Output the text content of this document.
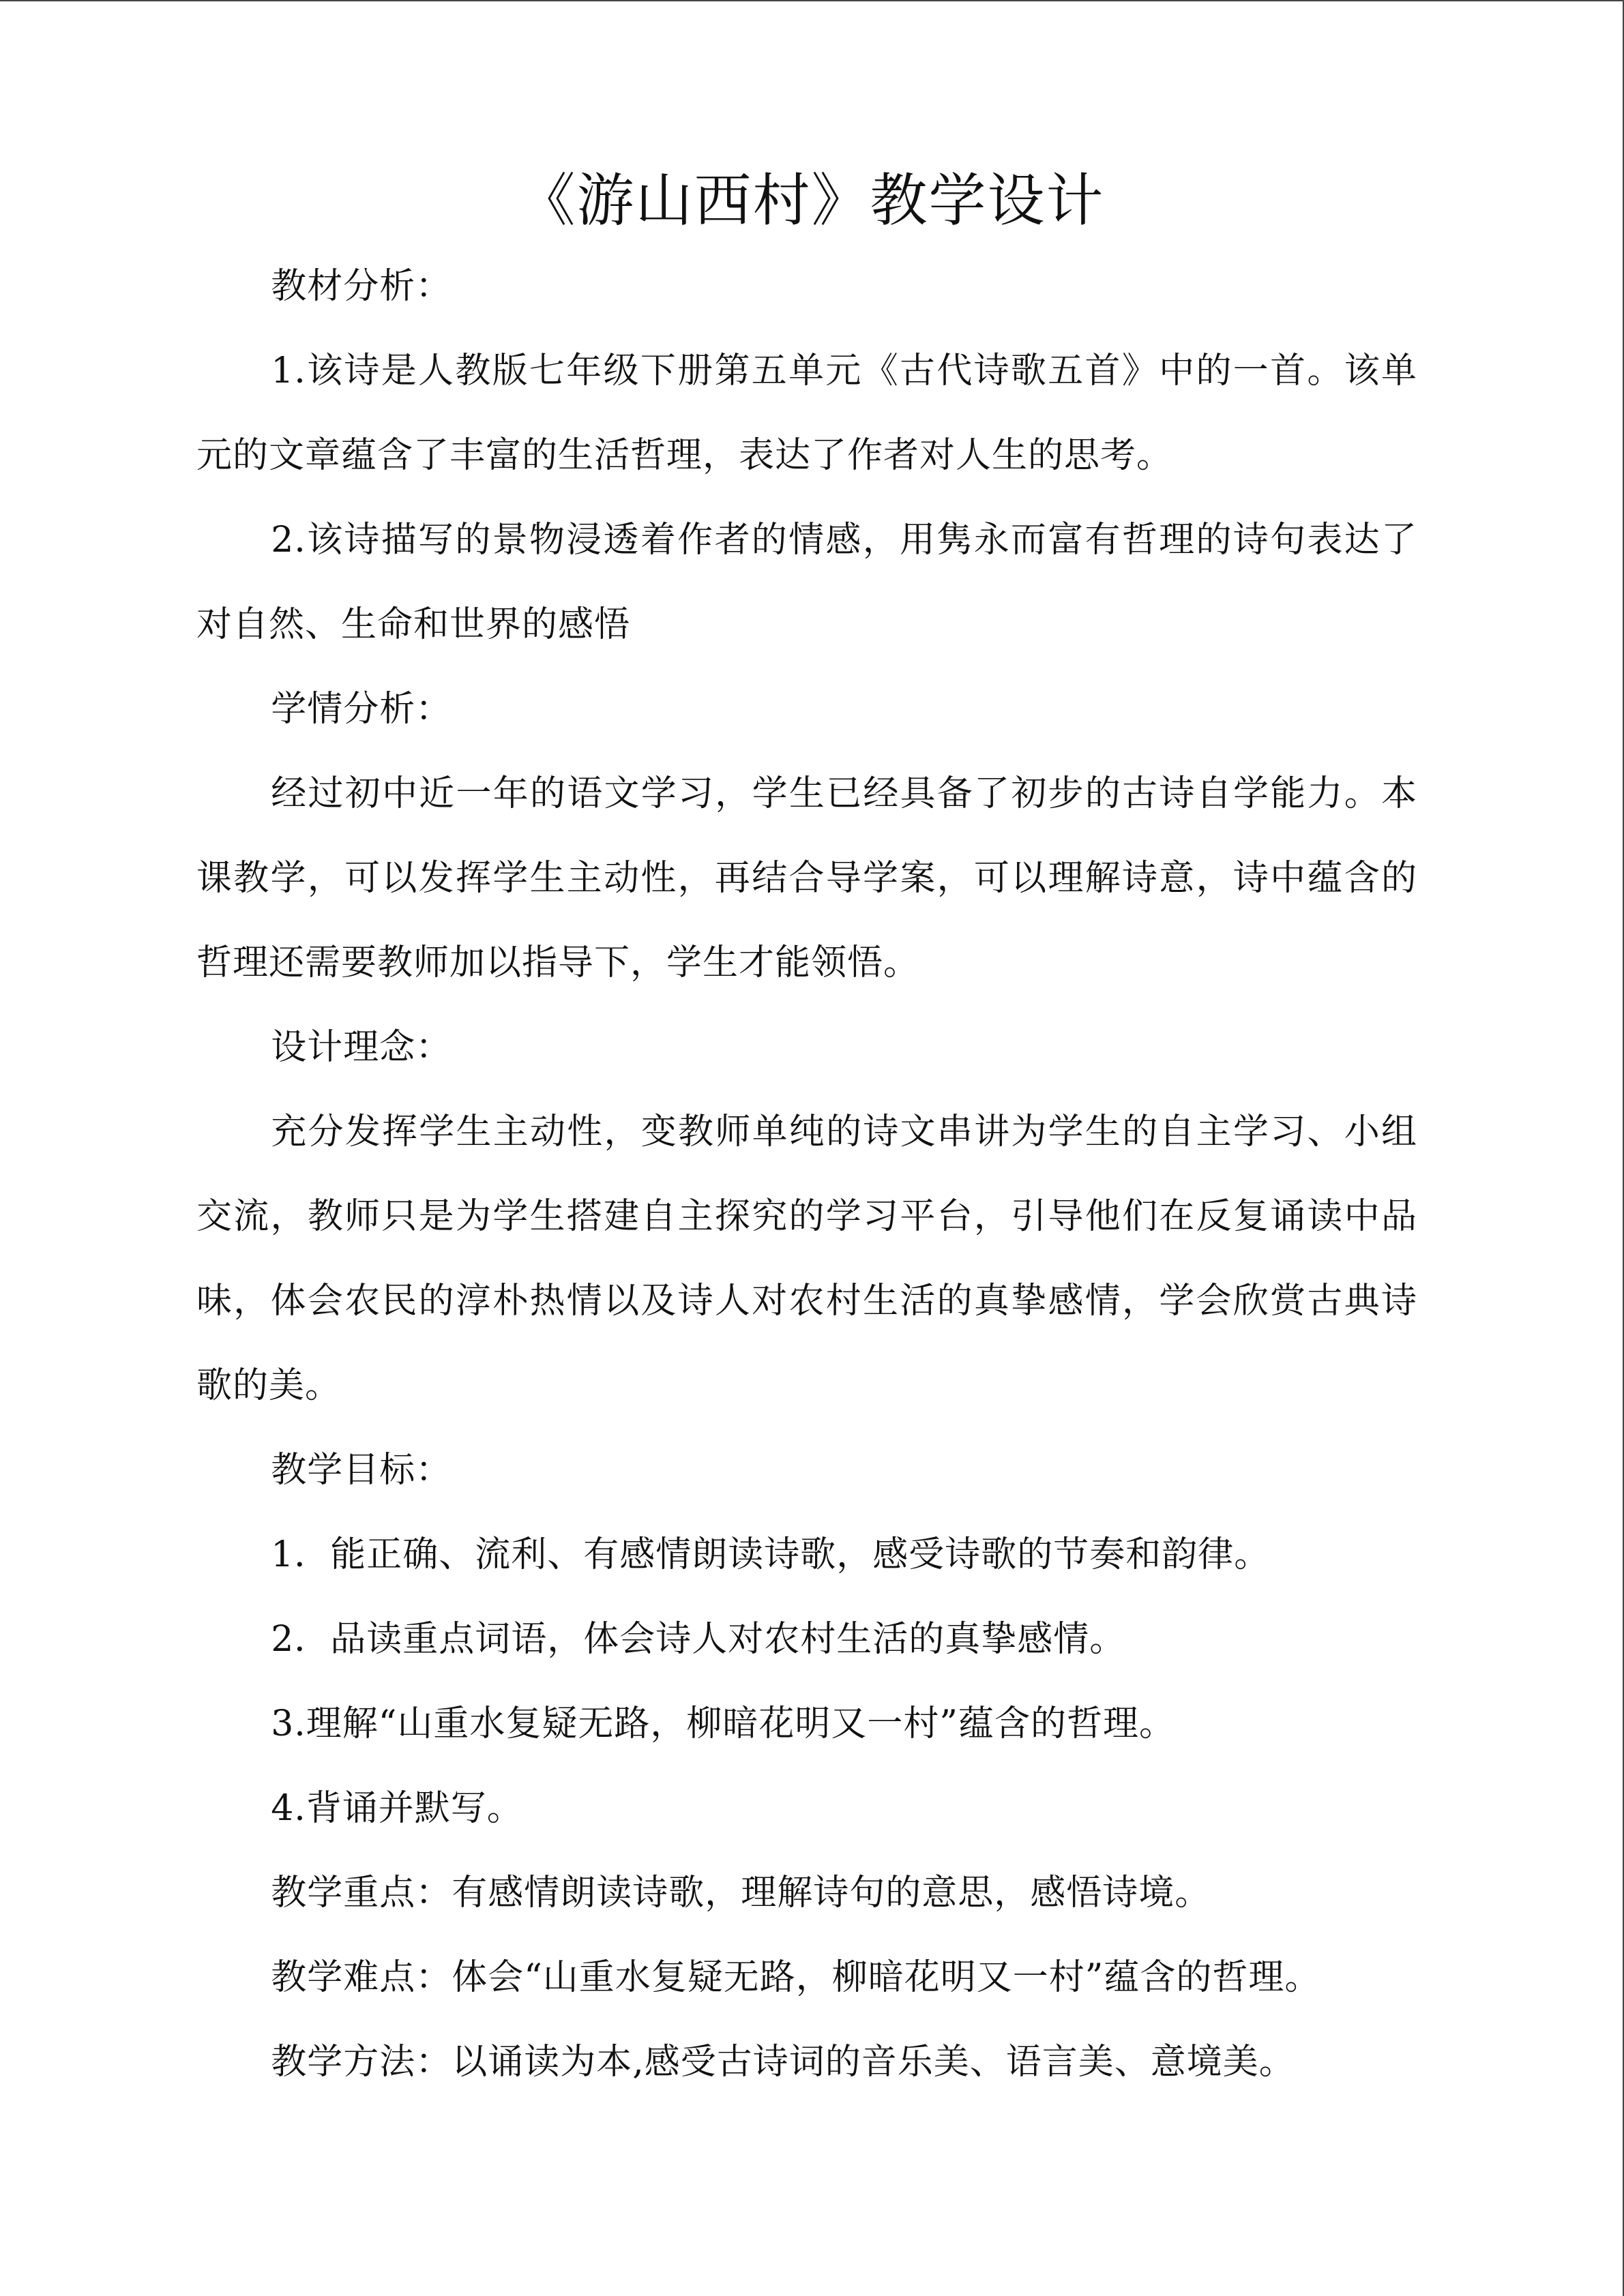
《游山西村》教学设计

教材分析：

1.该诗是人教版七年级下册第五单元《古代诗歌五首》中的一首。该单元的文章蕴含了丰富的生活哲理，表达了作者对人生的思考。

2.该诗描写的景物浸透着作者的情感，用隽永而富有哲理的诗句表达了对自然、生命和世界的感悟

学情分析：

经过初中近一年的语文学习，学生已经具备了初步的古诗自学能力。本课教学，可以发挥学生主动性，再结合导学案，可以理解诗意，诗中蕴含的哲理还需要教师加以指导下，学生才能领悟。

设计理念：

充分发挥学生主动性，变教师单纯的诗文串讲为学生的自主学习、小组交流，教师只是为学生搭建自主探究的学习平台，引导他们在反复诵读中品味，体会农民的淳朴热情以及诗人对农村生活的真挚感情，学会欣赏古典诗歌的美。

教学目标：

1．能正确、流利、有感情朗读诗歌，感受诗歌的节奏和韵律。

2．品读重点词语，体会诗人对农村生活的真挚感情。

3.理解“山重水复疑无路，柳暗花明又一村”蕴含的哲理。

4.背诵并默写。

教学重点：有感情朗读诗歌，理解诗句的意思，感悟诗境。

教学难点：体会“山重水复疑无路，柳暗花明又一村”蕴含的哲理。

教学方法：以诵读为本,感受古诗词的音乐美、语言美、意境美。
